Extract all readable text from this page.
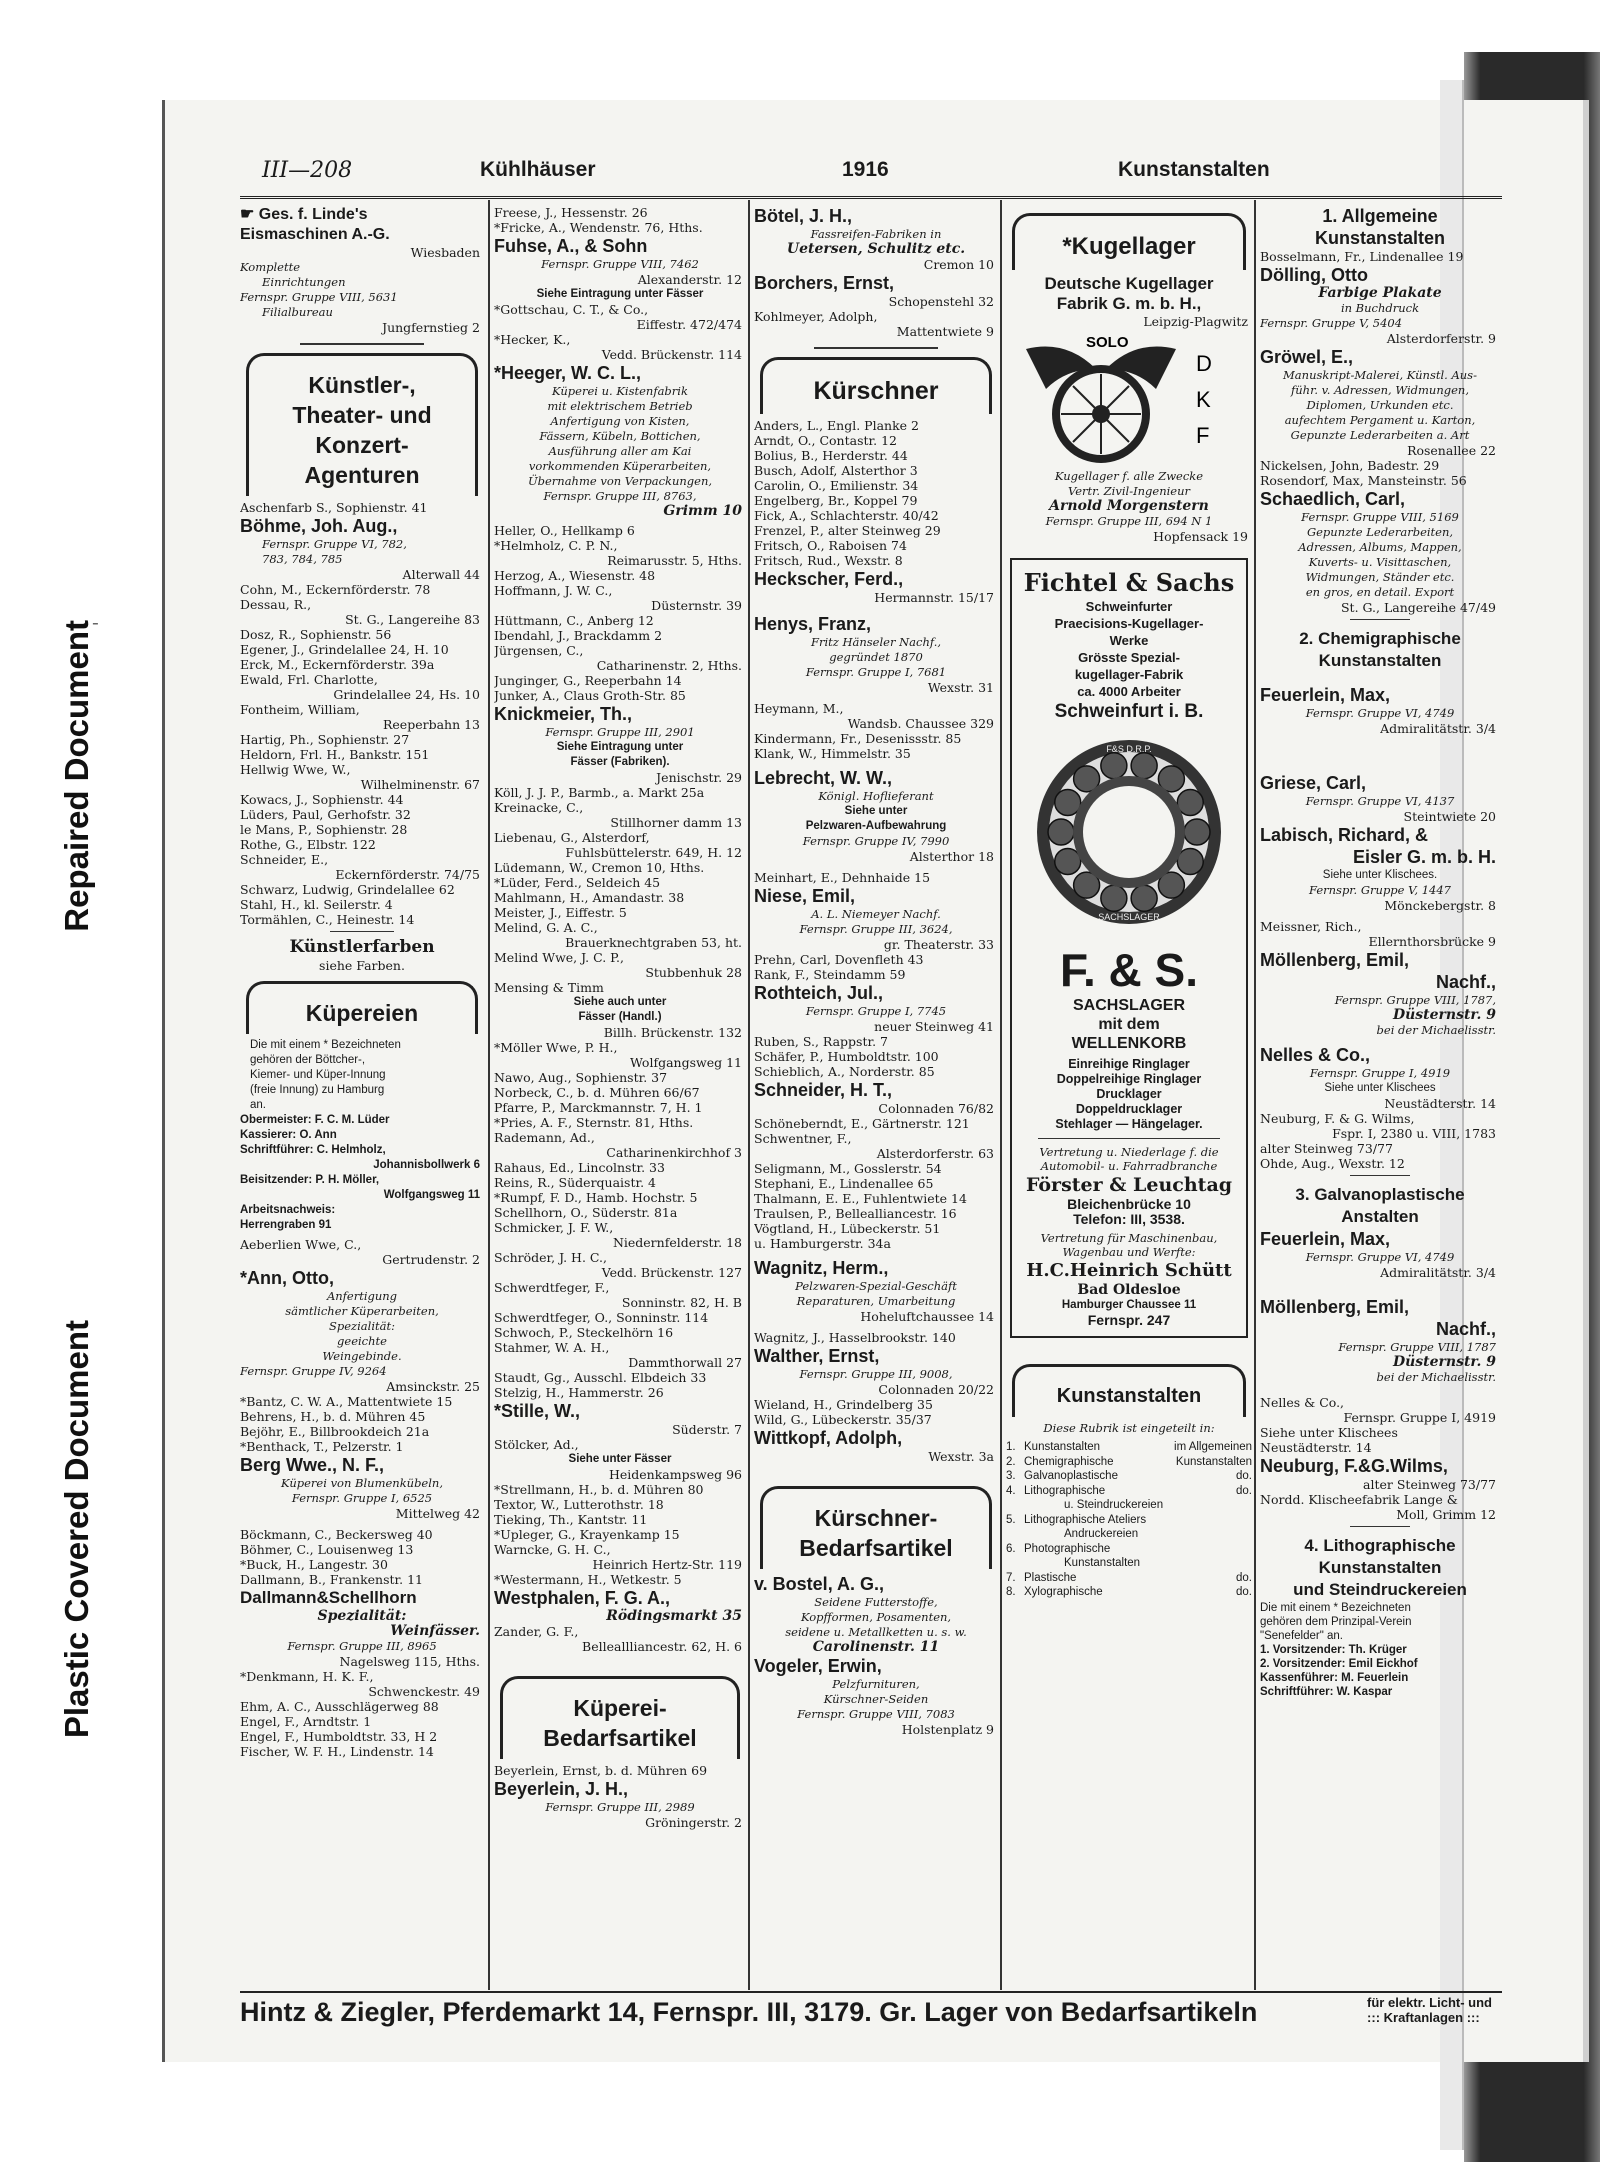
Repaired Document
Plastic Covered Document
-
III—208	Kühlhäuser	1916	Kunstanstalten
☛ Ges. f. Linde's
Eismaschinen A.-G.
Wiesbaden
Komplette
Einrichtungen
Fernspr. Gruppe VIII, 5631
Filialbureau
Jungfernstieg 2
Künstler-,
Theater- und
Konzert-
Agenturen
Aschenfarb S., Sophienstr. 41
Böhme, Joh. Aug.,
Fernspr. Gruppe VI, 782,
783, 784, 785
Alterwall 44
Cohn, M., Eckernförderstr. 78
Dessau, R.,
St. G., Langereihe 83
Dosz, R., Sophienstr. 56
Egener, J., Grindelallee 24, H. 10
Erck, M., Eckernförderstr. 39a
Ewald, Frl. Charlotte,
Grindelallee 24, Hs. 10
Fontheim, William,
Reeperbahn 13
Hartig, Ph., Sophienstr. 27
Heldorn, Frl. H., Bankstr. 151
Hellwig Wwe, W.,
Wilhelminenstr. 67
Kowacs, J., Sophienstr. 44
Lüders, Paul, Gerhofstr. 32
le Mans, P., Sophienstr. 28
Rothe, G., Elbstr. 122
Schneider, E.,
Eckernförderstr. 74/75
Schwarz, Ludwig, Grindelallee 62
Stahl, H., kl. Seilerstr. 4
Tormählen, C., Heinestr. 14
Künstlerfarben
siehe Farben.
Küpereien
Die mit einem * Bezeichneten
gehören der Böttcher-,
Kiemer- und Küper-Innung
(freie Innung) zu Hamburg
an.
Obermeister: F. C. M. Lüder
Kassierer: O. Ann
Schriftführer: C. Helmholz,
Johannisbollwerk 6
Beisitzender: P. H. Möller,
Wolfgangsweg 11
Arbeitsnachweis:
Herrengraben 91
Aeberlien Wwe, C.,
Gertrudenstr. 2
*Ann, Otto,
Anfertigung
sämtlicher Küperarbeiten,
Spezialität:
geeichte
Weingebinde.
Fernspr. Gruppe IV, 9264
Amsinckstr. 25
*Bantz, C. W. A., Mattentwiete 15
Behrens, H., b. d. Mühren 45
Bejöhr, E., Billbrookdeich 21a
*Benthack, T., Pelzerstr. 1
Berg Wwe., N. F.,
Küperei von Blumenkübeln,
Fernspr. Gruppe I, 6525
Mittelweg 42
Böckmann, C., Beckersweg 40
Böhmer, C., Louisenweg 13
*Buck, H., Langestr. 30
Dallmann, B., Frankenstr. 11
Dallmann&Schellhorn
Spezialität:
Weinfässer.
Fernspr. Gruppe III, 8965
Nagelsweg 115, Hths.
*Denkmann, H. K. F.,
Schwenckestr. 49
Ehm, A. C., Ausschlägerweg 88
Engel, F., Arndtstr. 1
Engel, F., Humboldtstr. 33, H 2
Fischer, W. F. H., Lindenstr. 14
Freese, J., Hessenstr. 26
*Fricke, A., Wendenstr. 76, Hths.
Fuhse, A., & Sohn
Fernspr. Gruppe VIII, 7462
Alexanderstr. 12
Siehe Eintragung unter Fässer
*Gottschau, C. T., & Co.,
Eiffestr. 472/474
*Hecker, K.,
Vedd. Brückenstr. 114
*Heeger, W. C. L.,
Küperei u. Kistenfabrik
mit elektrischem Betrieb
Anfertigung von Kisten,
Fässern, Kübeln, Bottichen,
Ausführung aller am Kai
vorkommenden Küperarbeiten,
Übernahme von Verpackungen,
Fernspr. Gruppe III, 8763,
Grimm 10
Heller, O., Hellkamp 6
*Helmholz, C. P. N.,
Reimarusstr. 5, Hths.
Herzog, A., Wiesenstr. 48
Hoffmann, J. W. C.,
Düsternstr. 39
Hüttmann, C., Anberg 12
Ibendahl, J., Brackdamm 2
Jürgensen, C.,
Catharinenstr. 2, Hths.
Junginger, G., Reeperbahn 14
Junker, A., Claus Groth-Str. 85
Knickmeier, Th.,
Fernspr. Gruppe III, 2901
Siehe Eintragung unter
Fässer (Fabriken).
Jenischstr. 29
Köll, J. J. P., Barmb., a. Markt 25a
Kreinacke, C.,
Stillhorner damm 13
Liebenau, G., Alsterdorf,
Fuhlsbüttelerstr. 649, H. 12
Lüdemann, W., Cremon 10, Hths.
*Lüder, Ferd., Seldeich 45
Mahlmann, H., Amandastr. 38
Meister, J., Eiffestr. 5
Melind, G. A. C.,
Brauerknechtgraben 53, ht.
Melind Wwe, J. C. P.,
Stubbenhuk 28
Mensing & Timm
Siehe auch unter
Fässer (Handl.)
Billh. Brückenstr. 132
*Möller Wwe, P. H.,
Wolfgangsweg 11
Nawo, Aug., Sophienstr. 37
Norbeck, C., b. d. Mühren 66/67
Pfarre, P., Marckmannstr. 7, H. 1
*Pries, A. F., Sternstr. 81, Hths.
Rademann, Ad.,
Catharinenkirchhof 3
Rahaus, Ed., Lincolnstr. 33
Reins, R., Süderquaistr. 4
*Rumpf, F. D., Hamb. Hochstr. 5
Schellhorn, O., Süderstr. 81a
Schmicker, J. F. W.,
Niedernfelderstr. 18
Schröder, J. H. C.,
Vedd. Brückenstr. 127
Schwerdtfeger, F.,
Sonninstr. 82, H. B
Schwerdtfeger, O., Sonninstr. 114
Schwoch, P., Steckelhörn 16
Stahmer, W. A. H.,
Dammthorwall 27
Staudt, Gg., Ausschl. Elbdeich 33
Stelzig, H., Hammerstr. 26
*Stille, W.,
Süderstr. 7
Stölcker, Ad.,
Siehe unter Fässer
Heidenkampsweg 96
*Strellmann, H., b. d. Mühren 80
Textor, W., Lutterothstr. 18
Tieking, Th., Kantstr. 11
*Upleger, G., Krayenkamp 15
Warncke, G. H. C.,
Heinrich Hertz-Str. 119
*Westermann, H., Wetkestr. 5
Westphalen, F. G. A.,
Rödingsmarkt 35
Zander, G. F.,
Belleallliancestr. 62, H. 6
Küperei-
Bedarfsartikel
Beyerlein, Ernst, b. d. Mühren 69
Beyerlein, J. H.,
Fernspr. Gruppe III, 2989
Gröningerstr. 2
Bötel, J. H.,
Fassreifen-Fabriken in
Uetersen, Schulitz etc.
Cremon 10
Borchers, Ernst,
Schopenstehl 32
Kohlmeyer, Adolph,
Mattentwiete 9
Kürschner
Anders, L., Engl. Planke 2
Arndt, O., Contastr. 12
Bolius, B., Herderstr. 44
Busch, Adolf, Alsterthor 3
Carolin, O., Emilienstr. 34
Engelberg, Br., Koppel 79
Fick, A., Schlachterstr. 40/42
Frenzel, P., alter Steinweg 29
Fritsch, O., Raboisen 74
Fritsch, Rud., Wexstr. 8
Heckscher, Ferd.,
Hermannstr. 15/17
Henys, Franz,
Fritz Hänseler Nachf.,
gegründet 1870
Fernspr. Gruppe I, 7681
Wexstr. 31
Heymann, M.,
Wandsb. Chaussee 329
Kindermann, Fr., Desenissstr. 85
Klank, W., Himmelstr. 35
Lebrecht, W. W.,
Königl. Hoflieferant
Siehe unter
Pelzwaren-Aufbewahrung
Fernspr. Gruppe IV, 7990
Alsterthor 18
Meinhart, E., Dehnhaide 15
Niese, Emil,
A. L. Niemeyer Nachf.
Fernspr. Gruppe III, 3624,
gr. Theaterstr. 33
Prehn, Carl, Dovenfleth 43
Rank, F., Steindamm 59
Rothteich, Jul.,
Fernspr. Gruppe I, 7745
neuer Steinweg 41
Ruben, S., Rappstr. 7
Schäfer, P., Humboldtstr. 100
Schieblich, A., Norderstr. 85
Schneider, H. T.,
Colonnaden 76/82
Schöneberndt, E., Gärtnerstr. 121
Schwentner, F.,
Alsterdorferstr. 63
Seligmann, M., Gosslerstr. 54
Stephani, E., Lindenallee 65
Thalmann, E. E., Fuhlentwiete 14
Traulsen, P., Bellealliancestr. 16
Vögtland, H., Lübeckerstr. 51
u. Hamburgerstr. 34a
Wagnitz, Herm.,
Pelzwaren-Spezial-Geschäft
Reparaturen, Umarbeitung
Hoheluftchaussee 14
Wagnitz, J., Hasselbrookstr. 140
Walther, Ernst,
Fernspr. Gruppe III, 9008,
Colonnaden 20/22
Wieland, H., Grindelberg 35
Wild, G., Lübeckerstr. 35/37
Wittkopf, Adolph,
Wexstr. 3a
Kürschner-
Bedarfsartikel
v. Bostel, A. G.,
Seidene Futterstoffe,
Kopfformen, Posamenten,
seidene u. Metallketten u. s. w.
Carolinenstr. 11
Vogeler, Erwin,
Pelzfurnituren,
Kürschner-Seiden
Fernspr. Gruppe VIII, 7083
Holstenplatz 9
*Kugellager
Deutsche Kugellager
Fabrik G. m. b. H.,
Leipzig-Plagwitz
SOLO
D
K
F
Kugellager f. alle Zwecke
Vertr. Zivil-Ingenieur
Arnold Morgenstern
Fernspr. Gruppe III, 694 N 1
Hopfensack 19
Fichtel & Sachs
Schweinfurter
Praecisions-Kugellager-
Werke
Grösste Spezial-
kugellager-Fabrik
ca. 4000 Arbeiter
Schweinfurt i. B.
F&S D.R.P.
SACHSLAGER
F. & S.
SACHSLAGER
mit dem
WELLENKORB
Einreihige Ringlager
Doppelreihige Ringlager
Drucklager
Doppeldrucklager
Stehlager — Hängelager.
Vertretung u. Niederlage f. die
Automobil- u. Fahrradbranche
Förster & Leuchtag
Bleichenbrücke 10
Telefon: III, 3538.
Vertretung für Maschinenbau,
Wagenbau und Werfte:
H.C.Heinrich Schütt
Bad Oldesloe
Hamburger Chaussee 11
Fernspr. 247
Kunstanstalten
Diese Rubrik ist eingeteilt in:
1. Kunstanstalten	im Allgemeinen
2. Chemigraphische	Kunstanstalten
3. Galvanoplastische	do.
4. Lithographische	do.
u. Steindruckereien
5. Lithographische Ateliers
Andruckereien
6. Photographische
Kunstanstalten
7. Plastische	do.
8. Xylographische	do.
1. Allgemeine
Kunstanstalten
Bosselmann, Fr., Lindenallee 19
Dölling, Otto
Farbige Plakate
in Buchdruck
Fernspr. Gruppe V, 5404
Alsterdorferstr. 9
Gröwel, E.,
Manuskript-Malerei, Künstl. Aus-
führ. v. Adressen, Widmungen,
Diplomen, Urkunden etc.
aufechtem Pergament u. Karton,
Gepunzte Lederarbeiten a. Art
Rosenallee 22
Nickelsen, John, Badestr. 29
Rosendorf, Max, Mansteinstr. 56
Schaedlich, Carl,
Fernspr. Gruppe VIII, 5169
Gepunzte Lederarbeiten,
Adressen, Albums, Mappen,
Kuverts- u. Visittaschen,
Widmungen, Ständer etc.
en gros, en detail. Export
St. G., Langereihe 47/49
2. Chemigraphische
Kunstanstalten
Feuerlein, Max,
Fernspr. Gruppe VI, 4749
Admiralitätstr. 3/4
Griese, Carl,
Fernspr. Gruppe VI, 4137
Steintwiete 20
Labisch, Richard, &
Eisler G. m. b. H.
Siehe unter Klischees.
Fernspr. Gruppe V, 1447
Mönckebergstr. 8
Meissner, Rich.,
Ellernthorsbrücke 9
Möllenberg, Emil,
Nachf.,
Fernspr. Gruppe VIII, 1787,
Düsternstr. 9
bei der Michaelisstr.
Nelles & Co.,
Fernspr. Gruppe I, 4919
Siehe unter Klischees
Neustädterstr. 14
Neuburg, F. & G. Wilms,
Fspr. I, 2380 u. VIII, 1783
alter Steinweg 73/77
Ohde, Aug., Wexstr. 12
3. Galvanoplastische
Anstalten
Feuerlein, Max,
Fernspr. Gruppe VI, 4749
Admiralitätstr. 3/4
Möllenberg, Emil,
Nachf.,
Fernspr. Gruppe VIII, 1787
Düsternstr. 9
bei der Michaelisstr.
Nelles & Co.,
Fernspr. Gruppe I, 4919
Siehe unter Klischees
Neustädterstr. 14
Neuburg, F.&G.Wilms,
alter Steinweg 73/77
Nordd. Klischeefabrik Lange &
Moll, Grimm 12
4. Lithographische
Kunstanstalten
und Steindruckereien
Die mit einem * Bezeichneten
gehören dem Prinzipal-Verein
"Senefelder" an.
1. Vorsitzender: Th. Krüger
2. Vorsitzender: Emil Eickhof
Kassenführer: M. Feuerlein
Schriftführer: W. Kaspar
Hintz & Ziegler, Pferdemarkt 14, Fernspr. III, 3179. Gr. Lager von Bedarfsartikeln	für elektr. Licht- und
::: Kraftanlagen :::
